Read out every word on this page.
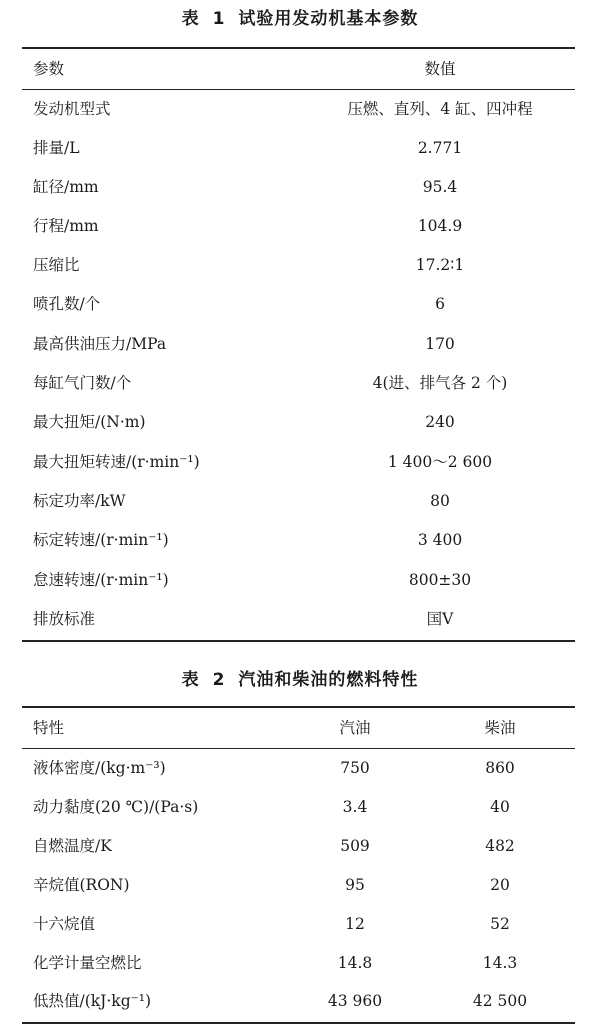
表 1 试验用发动机基本参数
参数	数值
发动机型式	压燃、直列、4 缸、四冲程
排量/L	2.771
缸径/mm	95.4
行程/mm	104.9
压缩比	17.2∶1
喷孔数/个	6
最高供油压力/MPa	170
每缸气门数/个	4(进、排气各 2 个)
最大扭矩/(N·m)	240
最大扭矩转速/(r·min⁻¹)	1 400～2 600
标定功率/kW	80
标定转速/(r·min⁻¹)	3 400
怠速转速/(r·min⁻¹)	800±30
排放标准	国Ⅴ
表 2 汽油和柴油的燃料特性
特性	汽油	柴油
液体密度/(kg·m⁻³)	750	860
动力黏度(20 ℃)/(Pa·s)	3.4	40
自燃温度/K	509	482
辛烷值(RON)	95	20
十六烷值	12	52
化学计量空燃比	14.8	14.3
低热值/(kJ·kg⁻¹)	43 960	42 500
